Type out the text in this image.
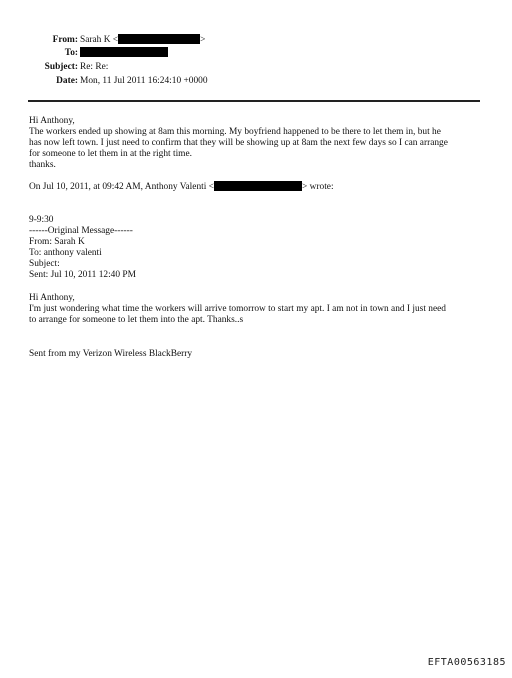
From: Sarah K <	>
To:
Subject: Re: Re:
Date: Mon, 11 Jul 2011 16:24:10 +0000
Hi Anthony,
The workers ended up showing at 8am this morning. My boyfriend happened to be there to let them in, but he
has now left town. I just need to confirm that they will be showing up at 8am the next few days so I can arrange
for someone to let them in at the right time.
thanks.
On Jul 10, 2011, at 09:42 AM, Anthony Valenti <	> wrote:
9-9:30
------Original Message------
From: Sarah K
To: anthony valenti
Subject:
Sent: Jul 10, 2011 12:40 PM
Hi Anthony,
I'm just wondering what time the workers will arrive tomorrow to start my apt. I am not in town and I just need
to arrange for someone to let them into the apt. Thanks..s
Sent from my Verizon Wireless BlackBerry
EFTA00563185
